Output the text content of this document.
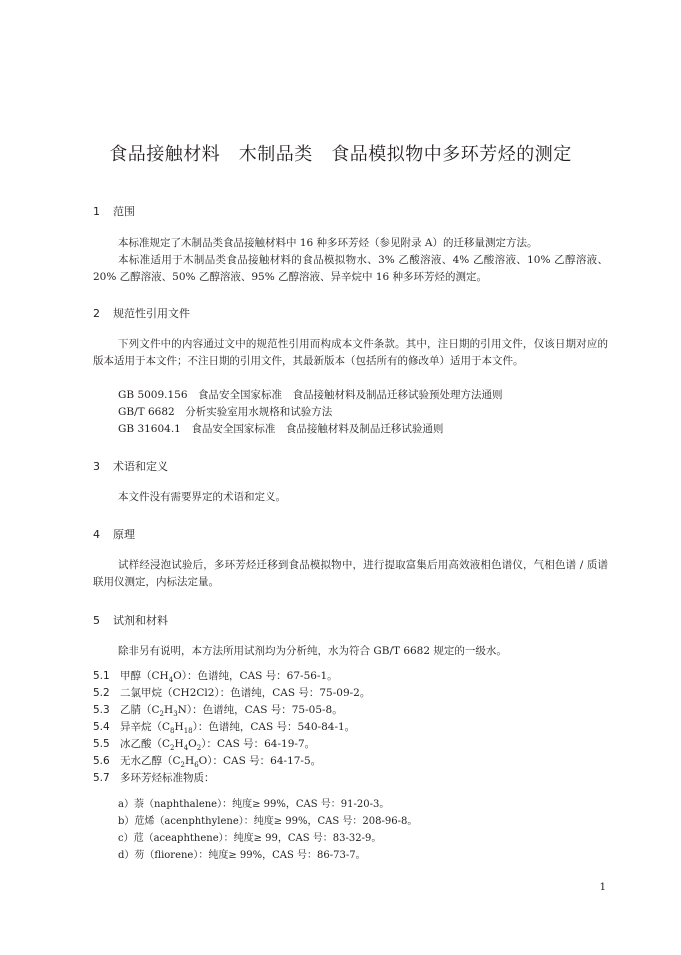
食品接触材料　木制品类　食品模拟物中多环芳烃的测定
1 范围

本标准规定了木制品类食品接触材料中 16 种多环芳烃（参见附录 A）的迁移量测定方法。

本标准适用于木制品类食品接触材料的食品模拟物水、3% 乙酸溶液、4% 乙酸溶液、10% 乙醇溶液、20% 乙醇溶液、50% 乙醇溶液、95% 乙醇溶液、异辛烷中 16 种多环芳烃的测定。

2 规范性引用文件

下列文件中的内容通过文中的规范性引用而构成本文件条款。其中，注日期的引用文件，仅该日期对应的版本适用于本文件；不注日期的引用文件，其最新版本（包括所有的修改单）适用于本文件。

GB 5009.156　食品安全国家标准　食品接触材料及制品迁移试验预处理方法通则

GB/T 6682　分析实验室用水规格和试验方法

GB 31604.1　食品安全国家标准　食品接触材料及制品迁移试验通则

3 术语和定义

本文件没有需要界定的术语和定义。

4 原理

试样经浸泡试验后，多环芳烃迁移到食品模拟物中，进行提取富集后用高效液相色谱仪，气相色谱 / 质谱联用仪测定，内标法定量。

5 试剂和材料

除非另有说明，本方法所用试剂均为分析纯，水为符合 GB/T 6682 规定的一级水。

5.1 甲醇$(CH_4O)$：色谱纯，CAS 号：67-56-1。

5.2 二氯甲烷（CH2Cl2）：色谱纯，CAS 号：75-09-2。

5.3 乙腈$(C_2H_3N)$：色谱纯，CAS 号：75-05-8。

5.4 异辛烷$(C_8H_{18})$：色谱纯，CAS 号：540-84-1。

5.5 冰乙酸$(C_2H_4O_2)$：CAS 号：64-19-7。

5.6 无水乙醇$(C_2H_6O)$：CAS 号：64-17-5。

5.7 多环芳烃标准物质：

a）萘（naphthalene）：纯度≥ 99%，CAS 号：91-20-3。

b）苊烯（acenphthylene）：纯度≥ 99%，CAS 号：208-96-8。

c）苊（aceaphthene）：纯度≥ 99，CAS 号：83-32-9。

d）芴（fliorene）：纯度≥ 99%，CAS 号：86-73-7。

1
